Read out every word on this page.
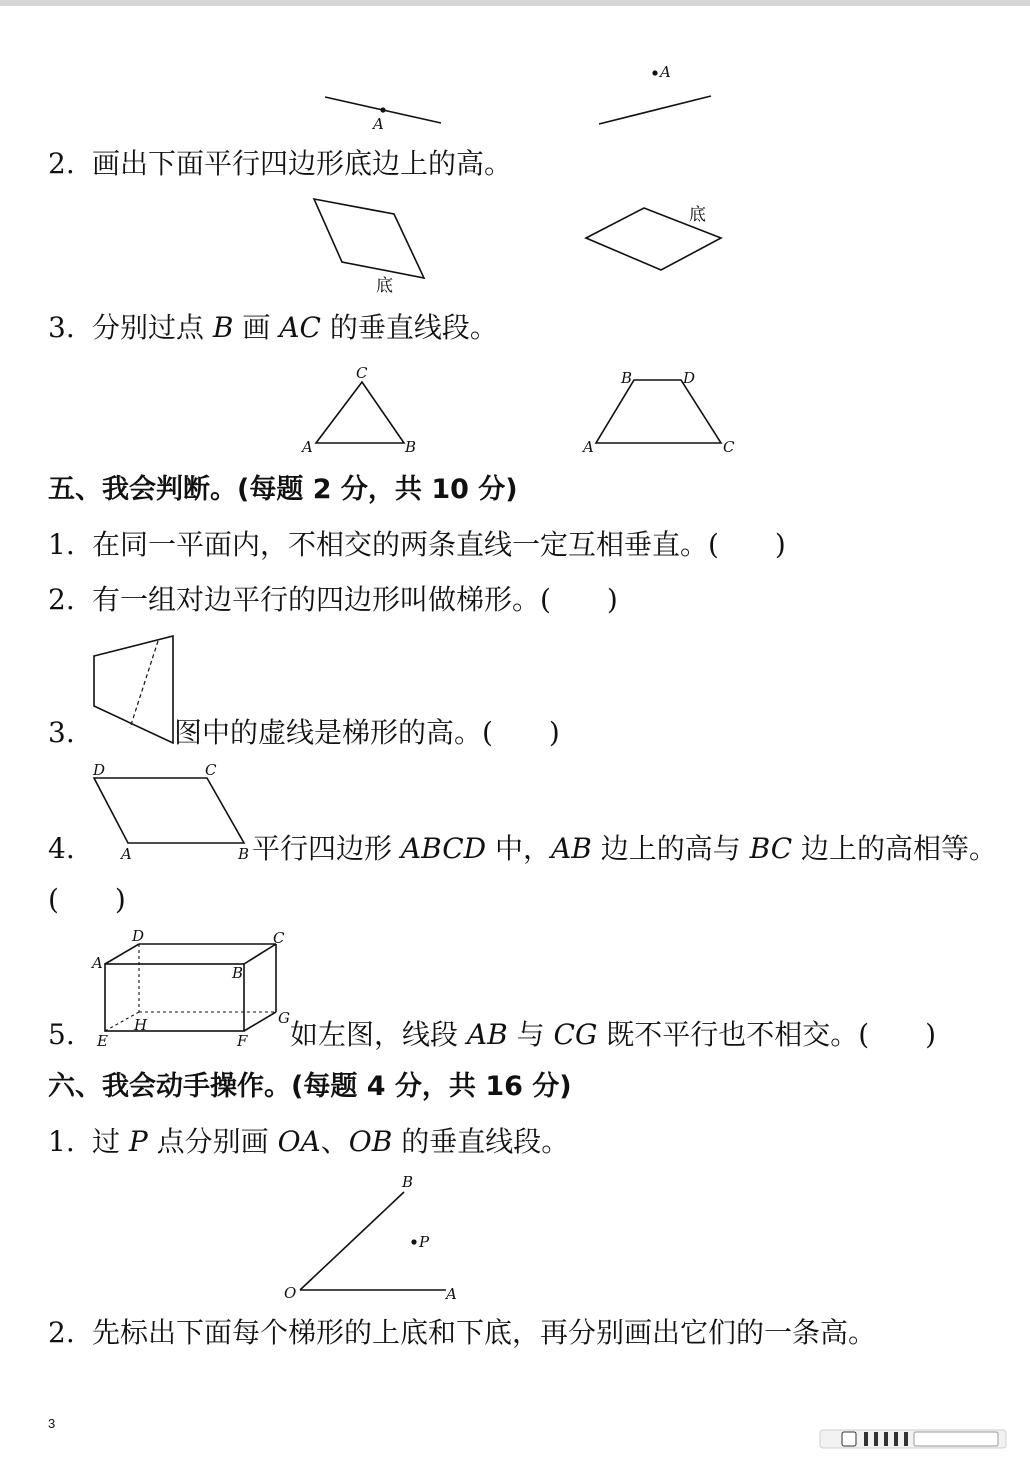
A
A
底
底
C
A	B
B	D
A	C
D	C
A	B
D	C
A
B
H	G
E	F
B
P
O	A
2. 画出下面平行四边形底边上的高。
3. 分别过点 B 画 AC 的垂直线段。
五、我会判断。(每题 2 分，共 10 分)
1. 在同一平面内，不相交的两条直线一定互相垂直。(　　)
2. 有一组对边平行的四边形叫做梯形。(　　)
3.	图中的虚线是梯形的高。(　　)
4.	平行四边形 ABCD 中，AB 边上的高与 BC 边上的高相等。
(　　)
5.	如左图，线段 AB 与 CG 既不平行也不相交。(　　)
六、我会动手操作。(每题 4 分，共 16 分)
1. 过 P 点分别画 OA、OB 的垂直线段。
2. 先标出下面每个梯形的上底和下底，再分别画出它们的一条高。
3
